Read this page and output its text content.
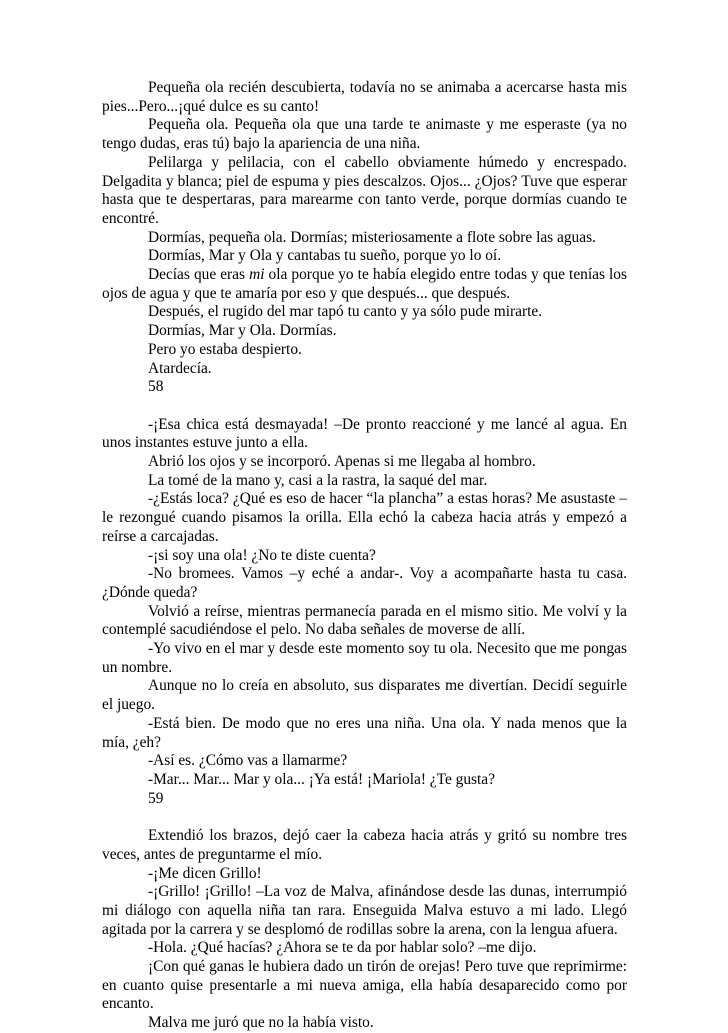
Pequeña ola recién descubierta, todavía no se animaba a acercarse hasta mis pies...Pero...¡qué dulce es su canto!

Pequeña ola. Pequeña ola que una tarde te animaste y me esperaste (ya no tengo dudas, eras tú) bajo la apariencia de una niña.

Pelilarga y pelilacia, con el cabello obviamente húmedo y encrespado. Delgadita y blanca; piel de espuma y pies descalzos. Ojos... ¿Ojos? Tuve que esperar hasta que te despertaras, para marearme con tanto verde, porque dormías cuando te encontré.

Dormías, pequeña ola. Dormías; misteriosamente a flote sobre las aguas.

Dormías, Mar y Ola y cantabas tu sueño, porque yo lo oí.

Decías que eras mi ola porque yo te había elegido entre todas y que tenías los ojos de agua y que te amaría por eso y que después... que después.

Después, el rugido del mar tapó tu canto y ya sólo pude mirarte.

Dormías, Mar y Ola. Dormías.

Pero yo estaba despierto.

Atardecía.

58

-¡Esa chica está desmayada! –De pronto reaccioné y me lancé al agua. En unos instantes estuve junto a ella.

Abrió los ojos y se incorporó. Apenas si me llegaba al hombro.

La tomé de la mano y, casi a la rastra, la saqué del mar.

-¿Estás loca? ¿Qué es eso de hacer “la plancha” a estas horas? Me asustaste –le rezongué cuando pisamos la orilla. Ella echó la cabeza hacia atrás y empezó a reírse a carcajadas.

-¡si soy una ola! ¿No te diste cuenta?

-No bromees. Vamos –y eché a andar-. Voy a acompañarte hasta tu casa. ¿Dónde queda?

Volvió a reírse, mientras permanecía parada en el mismo sitio. Me volví y la contemplé sacudiéndose el pelo. No daba señales de moverse de allí.

-Yo vivo en el mar y desde este momento soy tu ola. Necesito que me pongas un nombre.

Aunque no lo creía en absoluto, sus disparates me divertían. Decidí seguirle el juego.

-Está bien. De modo que no eres una niña. Una ola. Y nada menos que la mía, ¿eh?

-Así es. ¿Cómo vas a llamarme?

-Mar... Mar... Mar y ola... ¡Ya está! ¡Mariola! ¿Te gusta?

59

Extendió los brazos, dejó caer la cabeza hacia atrás y gritó su nombre tres veces, antes de preguntarme el mío.

-¡Me dicen Grillo!

-¡Grillo! ¡Grillo! –La voz de Malva, afinándose desde las dunas, interrumpió mi diálogo con aquella niña tan rara. Enseguida Malva estuvo a mi lado. Llegó agitada por la carrera y se desplomó de rodillas sobre la arena, con la lengua afuera.

-Hola. ¿Qué hacías? ¿Ahora se te da por hablar solo? –me dijo.

¡Con qué ganas le hubiera dado un tirón de orejas! Pero tuve que reprimirme: en cuanto quise presentarle a mi nueva amiga, ella había desaparecido como por encanto.

Malva me juró que no la había visto.
